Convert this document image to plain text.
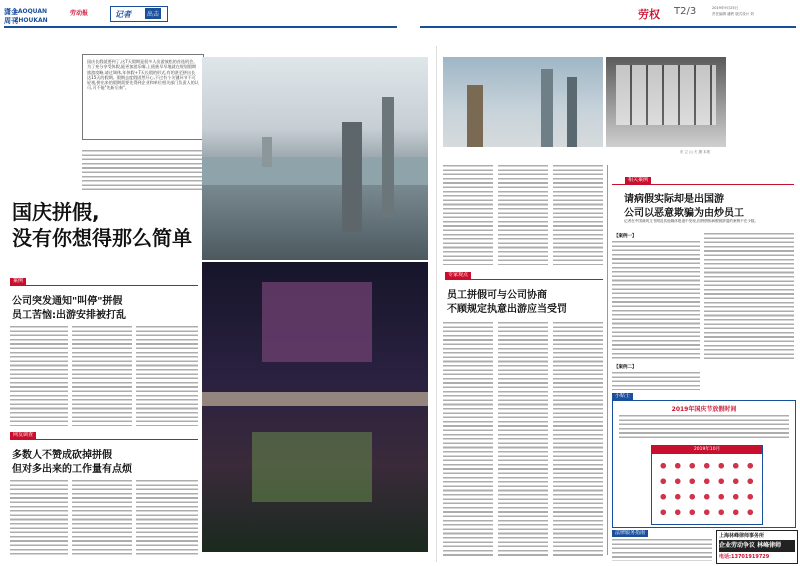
潇金
LAOQUAN
周刊
ZHOUKAN
劳动报	记者	出击	劳权 T2/3	2019年9月25日
责任编辑 潘轶 版式设计 刘
国庆长假就要到了,这7天假期是很多人出游放松的首选机会。为了充分享受休假,能更加游乐嗨,上班族早早地就在规划假期旅游攻略,请过调休,年休假+7天长假的形式,有的甚至拼出长达15天的假期。假期去度假固然开心,不过有个关键环节不可轻视,拼出来的假期需要先得到企业和单位相关部门负责人的认可,可不能"先斩后奏"。
东 立 山 天 摄 本报
国庆拼假,
没有你想得那么简单
案例
公司突发通知"叫停"拼假
员工苦恼:出游安排被打乱
网友调查
多数人不赞成砍掉拼假
但对多出来的工作量有点烦
专家观点
员工拼假可与公司协商
不顾规定执意出游应当受罚
相关案例
请病假实际却是出国游
公司以恶意欺骗为由炒员工
记者在中国裁判文书网及其他媒体报道中发现,因拼假休病假被辞退的案例不在少数。
【案例一】
【案例二】
小贴士
2019年国庆节放假时间
2019年10月
法律服务指南	上海林峰律师事务所
企业劳动争议 林峰律师
电话:13701919729
